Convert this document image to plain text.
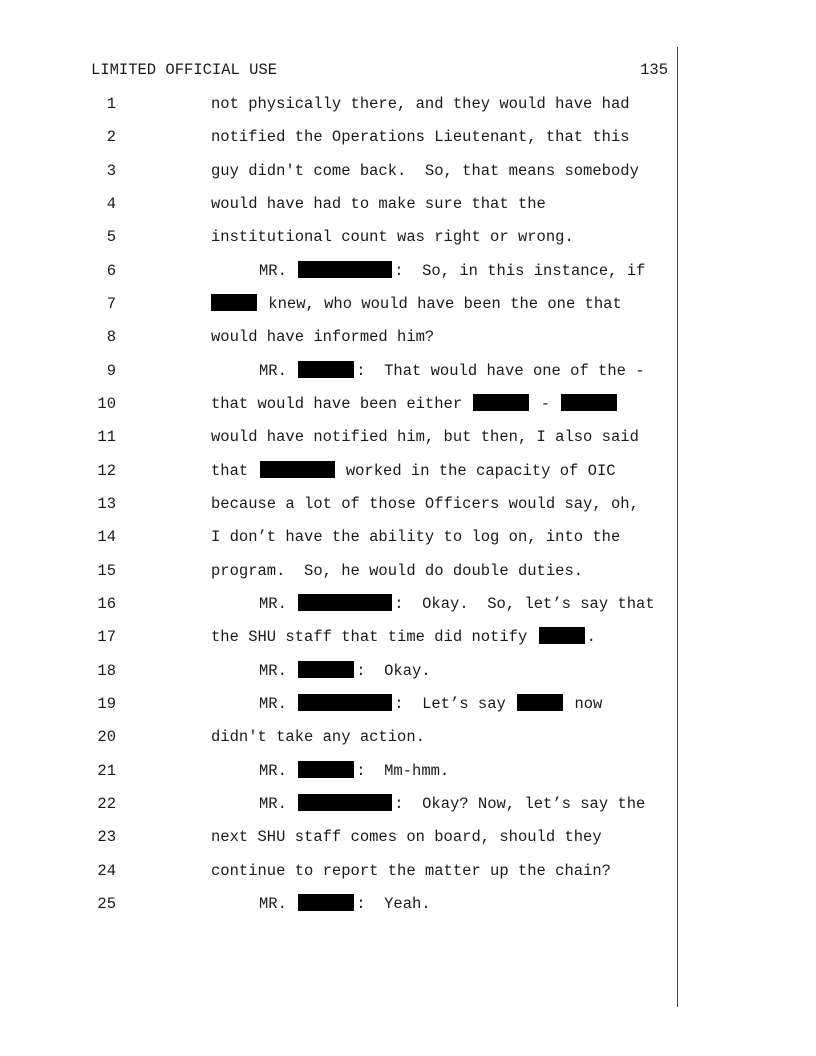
LIMITED OFFICIAL USE	135
1	not physically there, and they would have had
2	notified the Operations Lieutenant, that this
3	guy didn't come back.  So, that means somebody
4	would have had to make sure that the
5	institutional count was right or wrong.
6	MR.	:  So, in this instance, if
7	knew, who would have been the one that
8	would have informed him?
9	MR.	:  That would have one of the -
10	that would have been either	-
11	would have notified him, but then, I also said
12	that	worked in the capacity of OIC
13	because a lot of those Officers would say, oh,
14	I don’t have the ability to log on, into the
15	program.  So, he would do double duties.
16	MR.	:  Okay.  So, let’s say that
17	the SHU staff that time did notify	.
18	MR.	:  Okay.
19	MR.	:  Let’s say	now
20	didn't take any action.
21	MR.	:  Mm-hmm.
22	MR.	:  Okay? Now, let’s say the
23	next SHU staff comes on board, should they
24	continue to report the matter up the chain?
25	MR.	:  Yeah.
